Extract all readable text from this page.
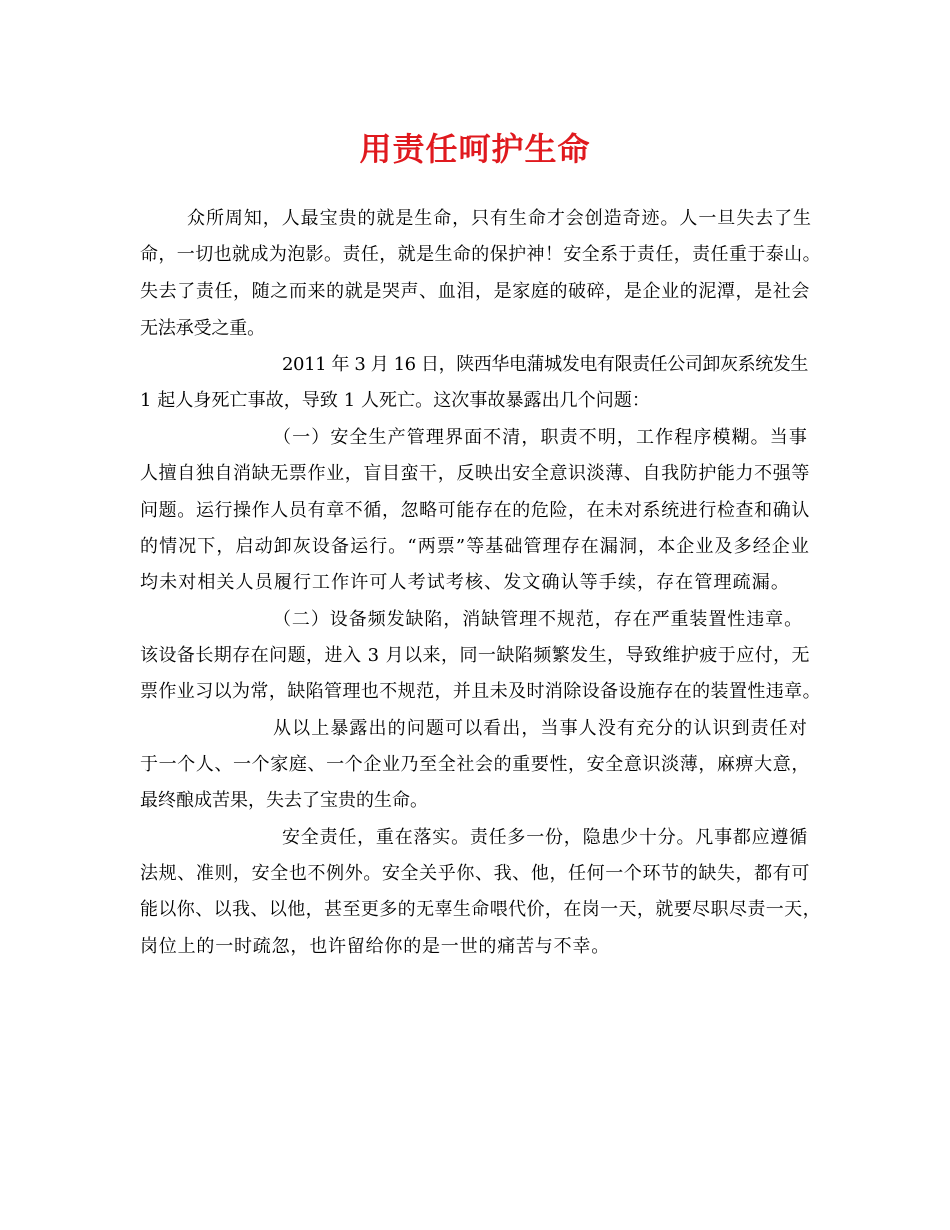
用责任呵护生命
众所周知，人最宝贵的就是生命，只有生命才会创造奇迹。人一旦失去了生
命，一切也就成为泡影。责任，就是生命的保护神！安全系于责任，责任重于泰山。
失去了责任，随之而来的就是哭声、血泪，是家庭的破碎，是企业的泥潭，是社会
无法承受之重。
2011 年 3 月 16 日，陕西华电蒲城发电有限责任公司卸灰系统发生
1 起人身死亡事故，导致 1 人死亡。这次事故暴露出几个问题：
（一）安全生产管理界面不清，职责不明，工作程序模糊。当事
人擅自独自消缺无票作业，盲目蛮干，反映出安全意识淡薄、自我防护能力不强等
问题。运行操作人员有章不循，忽略可能存在的危险，在未对系统进行检查和确认
的情况下，启动卸灰设备运行。“两票”等基础管理存在漏洞，本企业及多经企业
均未对相关人员履行工作许可人考试考核、发文确认等手续，存在管理疏漏。
（二）设备频发缺陷，消缺管理不规范，存在严重装置性违章。
该设备长期存在问题，进入 3 月以来，同一缺陷频繁发生，导致维护疲于应付，无
票作业习以为常，缺陷管理也不规范，并且未及时消除设备设施存在的装置性违章。
从以上暴露出的问题可以看出，当事人没有充分的认识到责任对
于一个人、一个家庭、一个企业乃至全社会的重要性，安全意识淡薄，麻痹大意，
最终酿成苦果，失去了宝贵的生命。
安全责任，重在落实。责任多一份，隐患少十分。凡事都应遵循
法规、准则，安全也不例外。安全关乎你、我、他，任何一个环节的缺失，都有可
能以你、以我、以他，甚至更多的无辜生命喂代价，在岗一天，就要尽职尽责一天，
岗位上的一时疏忽，也许留给你的是一世的痛苦与不幸。
